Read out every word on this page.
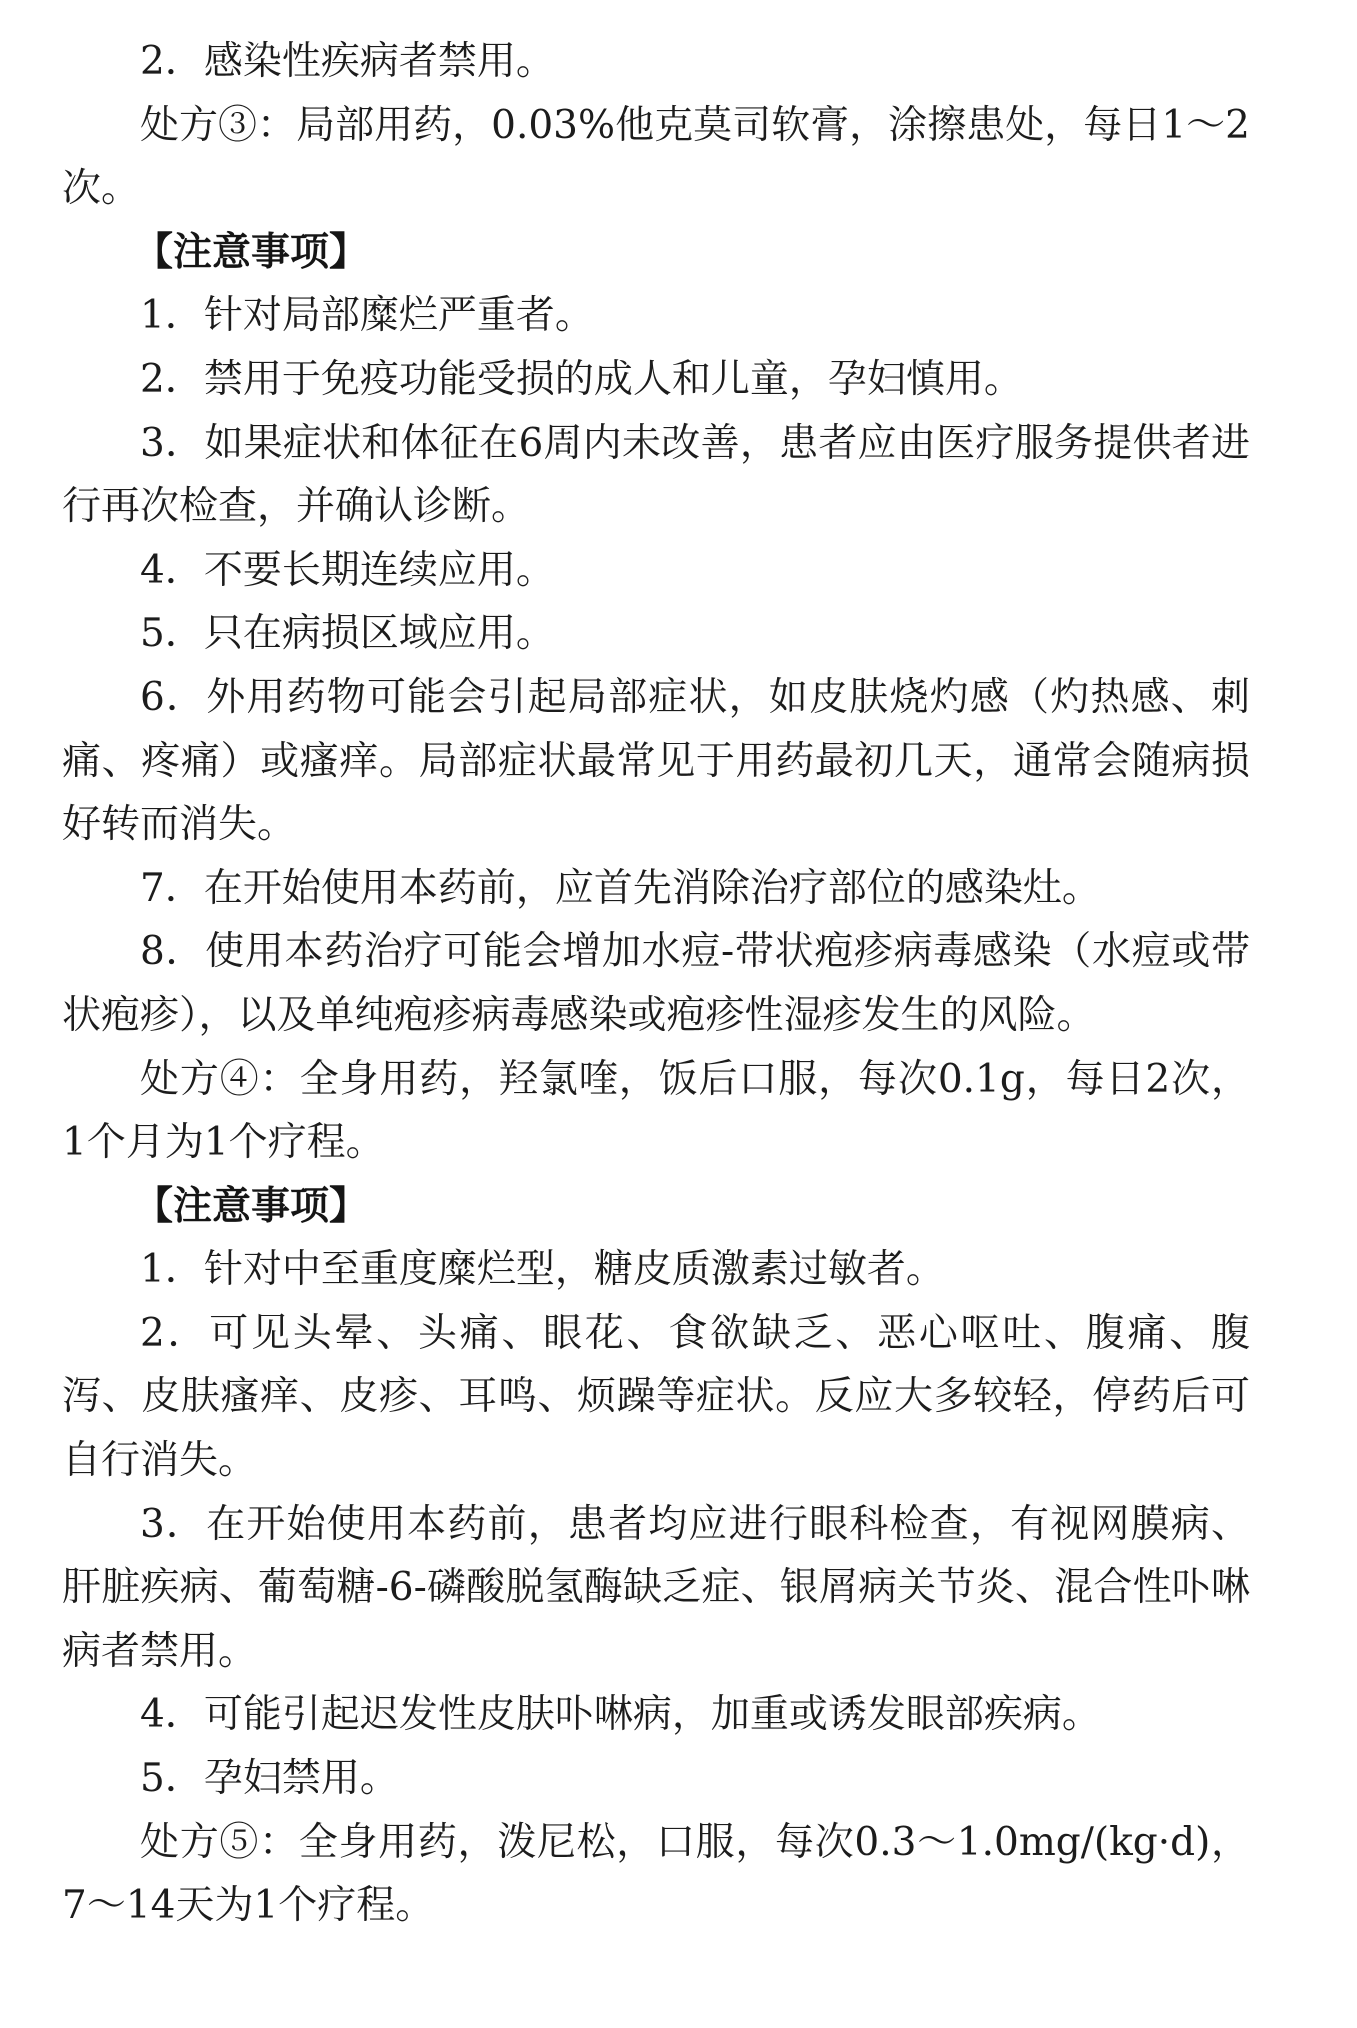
2．感染性疾病者禁用。

处方③：局部用药，0.03%他克莫司软膏，涂擦患处，每日1～2次。

【注意事项】

1．针对局部糜烂严重者。

2．禁用于免疫功能受损的成人和儿童，孕妇慎用。

3．如果症状和体征在6周内未改善，患者应由医疗服务提供者进行再次检查，并确认诊断。

4．不要长期连续应用。

5．只在病损区域应用。

6．外用药物可能会引起局部症状，如皮肤烧灼感（灼热感、刺痛、疼痛）或瘙痒。局部症状最常见于用药最初几天，通常会随病损好转而消失。

7．在开始使用本药前，应首先消除治疗部位的感染灶。

8．使用本药治疗可能会增加水痘-带状疱疹病毒感染（水痘或带状疱疹），以及单纯疱疹病毒感染或疱疹性湿疹发生的风险。

处方④：全身用药，羟氯喹，饭后口服，每次0.1g，每日2次，1个月为1个疗程。

【注意事项】

1．针对中至重度糜烂型，糖皮质激素过敏者。

2．可见头晕、头痛、眼花、食欲缺乏、恶心呕吐、腹痛、腹泻、皮肤瘙痒、皮疹、耳鸣、烦躁等症状。反应大多较轻，停药后可自行消失。

3．在开始使用本药前，患者均应进行眼科检查，有视网膜病、肝脏疾病、葡萄糖-6-磷酸脱氢酶缺乏症、银屑病关节炎、混合性卟啉病者禁用。

4．可能引起迟发性皮肤卟啉病，加重或诱发眼部疾病。

5．孕妇禁用。

处方⑤：全身用药，泼尼松，口服，每次0.3～1.0mg/(kg·d)，7～14天为1个疗程。
